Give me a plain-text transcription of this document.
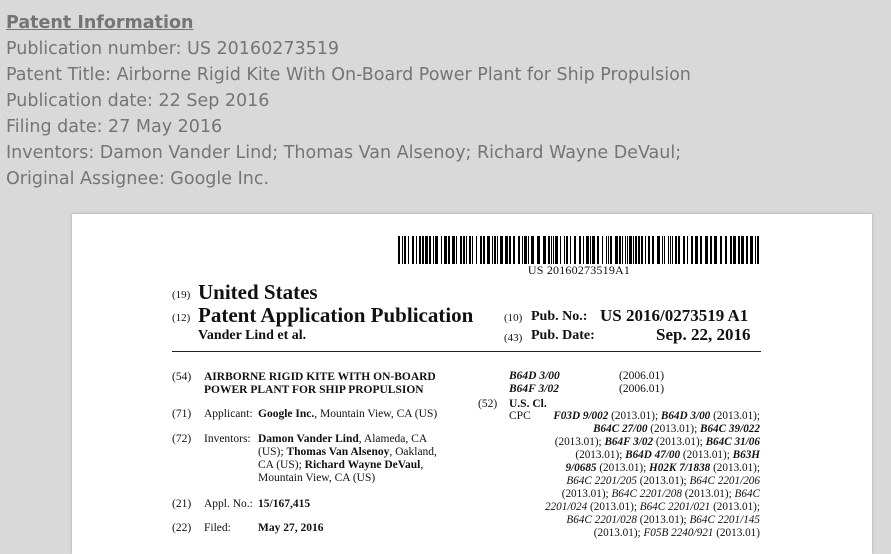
Patent Information
Publication number: US 20160273519
Patent Title: Airborne Rigid Kite With On-Board Power Plant for Ship Propulsion
Publication date: 22 Sep 2016
Filing date: 27 May 2016
Inventors: Damon Vander Lind; Thomas Van Alsenoy; Richard Wayne DeVaul;
Original Assignee: Google Inc.
US 20160273519A1
(19) United States
(12) Patent Application Publication
Vander Lind et al.
(10) Pub. No.: US 2016/0273519 A1
(43) Pub. Date:	Sep. 22, 2016
(54) AIRBORNE RIGID KITE WITH ON-BOARD
POWER PLANT FOR SHIP PROPULSION
(71) Applicant: Google Inc., Mountain View, CA (US)
(72) Inventors: Damon Vander Lind, Alameda, CA
(US); Thomas Van Alsenoy, Oakland,
CA (US); Richard Wayne DeVaul,
Mountain View, CA (US)
(21) Appl. No.: 15/167,415
(22) Filed: May 27, 2016
B64D 3/00	(2006.01)
B64F 3/02	(2006.01)
(52) U.S. Cl.
CPC	F03D 9/002 (2013.01); B64D 3/00 (2013.01);
B64C 27/00 (2013.01); B64C 39/022
(2013.01); B64F 3/02 (2013.01); B64C 31/06
(2013.01); B64D 47/00 (2013.01); B63H
9/0685 (2013.01); H02K 7/1838 (2013.01);
B64C 2201/205 (2013.01); B64C 2201/206
(2013.01); B64C 2201/208 (2013.01); B64C
2201/024 (2013.01); B64C 2201/021 (2013.01);
B64C 2201/028 (2013.01); B64C 2201/145
(2013.01); F05B 2240/921 (2013.01)
